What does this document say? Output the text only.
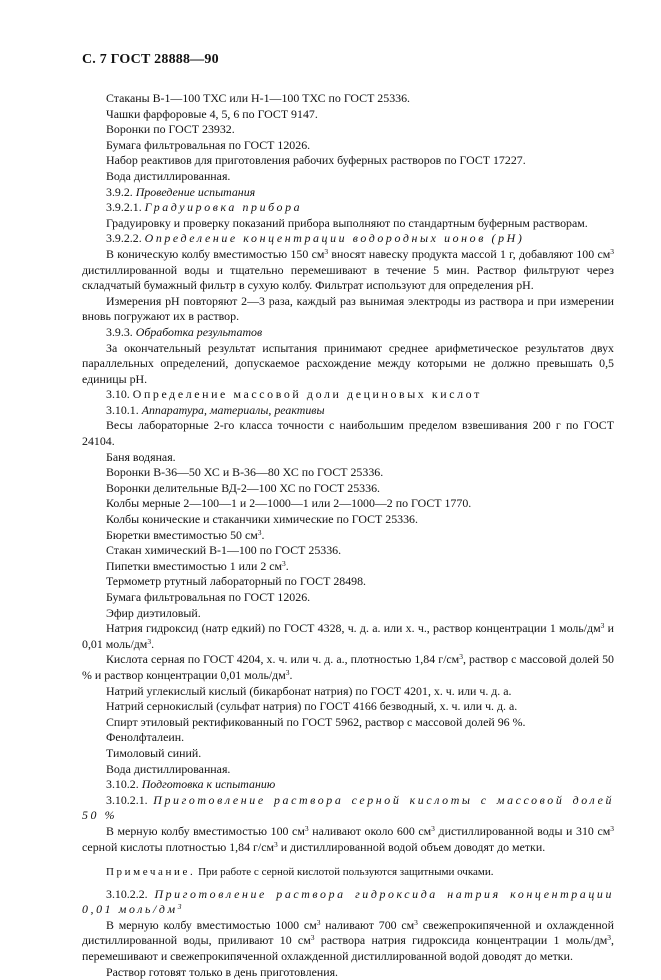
С. 7 ГОСТ 28888—90

Стаканы В-1—100 ТХС или Н-1—100 ТХС по ГОСТ 25336.

Чашки фарфоровые 4, 5, 6 по ГОСТ 9147.

Воронки по ГОСТ 23932.

Бумага фильтровальная по ГОСТ 12026.

Набор реактивов для приготовления рабочих буферных растворов по ГОСТ 17227.

Вода дистиллированная.

3.9.2. Проведение испытания

3.9.2.1. Градуировка прибора

Градуировку и проверку показаний прибора выполняют по стандартным буферным растворам.

3.9.2.2. Определение концентрации водородных ионов (рН)

В коническую колбу вместимостью 150 $см^3$ вносят навеску продукта массой 1 г, добавляют 100 $см^3$ дистиллированной воды и тщательно перемешивают в течение 5 мин. Раствор фильтруют через складчатый бумажный фильтр в сухую колбу. Фильтрат используют для определения рН.

Измерения рН повторяют 2—3 раза, каждый раз вынимая электроды из раствора и при измерении вновь погружают их в раствор.

3.9.3. Обработка результатов

За окончательный результат испытания принимают среднее арифметическое результатов двух параллельных определений, допускаемое расхождение между которыми не должно превышать 0,5 единицы рН.

3.10. Определение массовой доли дециновых кислот

3.10.1. Аппаратура, материалы, реактивы

Весы лабораторные 2-го класса точности с наибольшим пределом взвешивания 200 г по ГОСТ 24104.

Баня водяная.

Воронки В-36—50 ХС и В-36—80 ХС по ГОСТ 25336.

Воронки делительные ВД-2—100 ХС по ГОСТ 25336.

Колбы мерные 2—100—1 и 2—1000—1 или 2—1000—2 по ГОСТ 1770.

Колбы конические и стаканчики химические по ГОСТ 25336.

Бюретки вместимостью 50 $см^3$.

Стакан химический В-1—100 по ГОСТ 25336.

Пипетки вместимостью 1 или 2 $см^3$.

Термометр ртутный лабораторный по ГОСТ 28498.

Бумага фильтровальная по ГОСТ 12026.

Эфир диэтиловый.

Натрия гидроксид (натр едкий) по ГОСТ 4328, ч. д. а. или х. ч., раствор концентрации 1 моль/$дм^3$ и 0,01 моль/$дм^3$.

Кислота серная по ГОСТ 4204, х. ч. или ч. д. а., плотностью 1,84 $г/см^3$, раствор с массовой долей 50 % и раствор концентрации 0,01 моль/$дм^3$.

Натрий углекислый кислый (бикарбонат натрия) по ГОСТ 4201, х. ч. или ч. д. а.

Натрий сернокислый (сульфат натрия) по ГОСТ 4166 безводный, х. ч. или ч. д. а.

Спирт этиловый ректификованный по ГОСТ 5962, раствор с массовой долей 96 %.

Фенолфталеин.

Тимоловый синий.

Вода дистиллированная.

3.10.2. Подготовка к испытанию

3.10.2.1. Приготовление раствора серной кислоты с массовой долей 50 %

В мерную колбу вместимостью 100 $см^3$ наливают около 600 $см^3$ дистиллированной воды и 310 $см^3$ серной кислоты плотностью 1,84 $г/см^3$ и дистиллированной водой объем доводят до метки.

Примечание. При работе с серной кислотой пользуются защитными очками.

3.10.2.2. Приготовление раствора гидроксида натрия концентрации 0,01 моль/$дм^3$

В мерную колбу вместимостью 1000 $см^3$ наливают 700 $см^3$ свежепрокипяченной и охлажденной дистиллированной воды, приливают 10 $см^3$ раствора натрия гидроксида концентрации 1 моль/$дм^3$, перемешивают и свежепрокипяченной охлажденной дистиллированной водой доводят до метки.

Раствор готовят только в день приготовления.
